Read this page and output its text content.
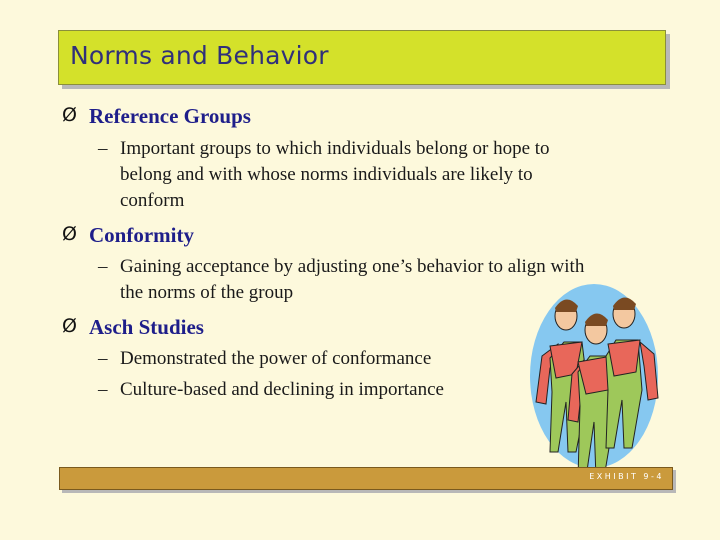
Norms and Behavior
Ø Reference Groups
– Important groups to which individuals belong or hope to
belong and with whose norms individuals are likely to
conform
Ø Conformity
– Gaining acceptance by adjusting one’s behavior to align with
the norms of the group
Ø Asch Studies
– Demonstrated the power of conformance
– Culture-based and declining in importance
EXHIBIT 9-4
